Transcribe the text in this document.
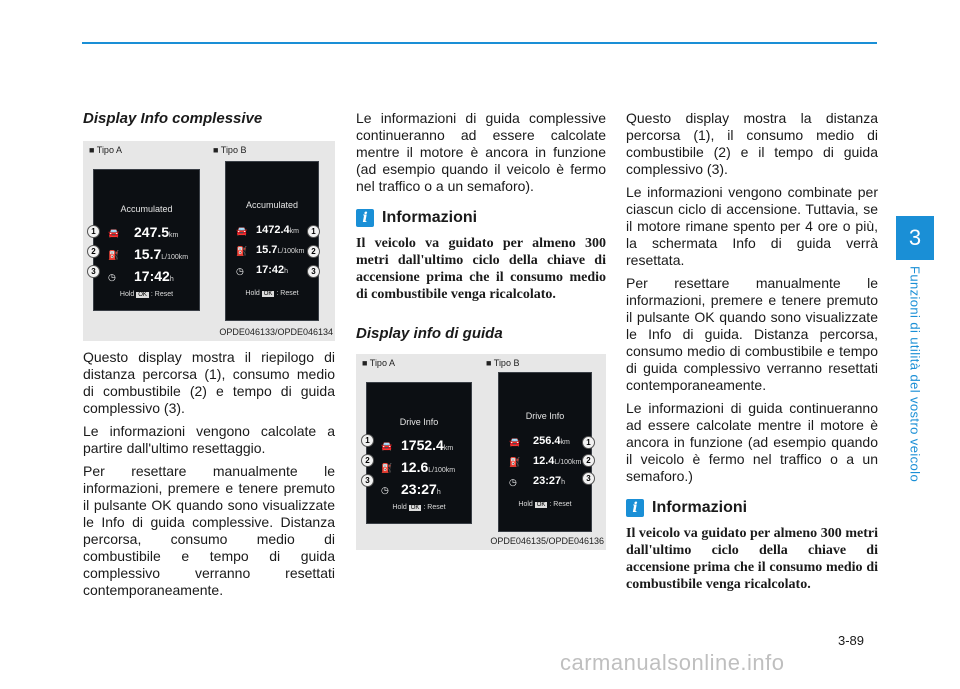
3
Funzioni di utilità del vostro veicolo
Display Info complessive
■ Tipo A	■ Tipo B
Accumulated
🚘 247.5km
⛽ 15.7L/100km
◷ 17:42h
Hold OK : Reset
1
2
3
Accumulated
🚘 1472.4km
⛽ 15.7L/100km
◷ 17:42h
Hold OK : Reset
1
2
3
OPDE046133/OPDE046134

Questo display mostra il riepilogo di distanza percorsa (1), consumo medio di combustibile (2) e tempo di guida complessivo (3).

Le informazioni vengono calcolate a partire dall'ultimo resettaggio.

Per resettare manualmente le informazioni, premere e tenere premuto il pulsante OK quando sono visualizzate le Info di guida complessive. Distanza percorsa, consumo medio di combustibile e tempo di guida complessivo verranno resettati contemporaneamente.

Le informazioni di guida complessive continueranno ad essere calcolate mentre il motore è ancora in funzione (ad esempio quando il veicolo è fermo nel traffico o a un semaforo).

i Informazioni

Il veicolo va guidato per almeno 300 metri dall'ultimo ciclo della chiave di accensione prima che il consumo medio di combustibile venga ricalcolato.

Display info di guida
■ Tipo A	■ Tipo B
Drive Info
🚘 1752.4km
⛽ 12.6L/100km
◷ 23:27h
Hold OK : Reset
1
2
3
Drive Info
🚘 256.4km
⛽ 12.4L/100km
◷ 23:27h
Hold OK : Reset
1
2
3
OPDE046135/OPDE046136

Questo display mostra la distanza percorsa (1), il consumo medio di combustibile (2) e il tempo di guida complessivo (3).

Le informazioni vengono combinate per ciascun ciclo di accensione. Tuttavia, se il motore rimane spento per 4 ore o più, la schermata Info di guida verrà resettata.

Per resettare manualmente le informazioni, premere e tenere premuto il pulsante OK quando sono visualizzate le Info di guida. Distanza percorsa, consumo medio di combustibile e tempo di guida complessivo verranno resettati contemporaneamente.

Le informazioni di guida continueranno ad essere calcolate mentre il motore è ancora in funzione (ad esempio quando il veicolo è fermo nel traffico o a un semaforo.)

i Informazioni

Il veicolo va guidato per almeno 300 metri dall'ultimo ciclo della chiave di accensione prima che il consumo medio di combustibile venga ricalcolato.

3-89
carmanualsonline.info
